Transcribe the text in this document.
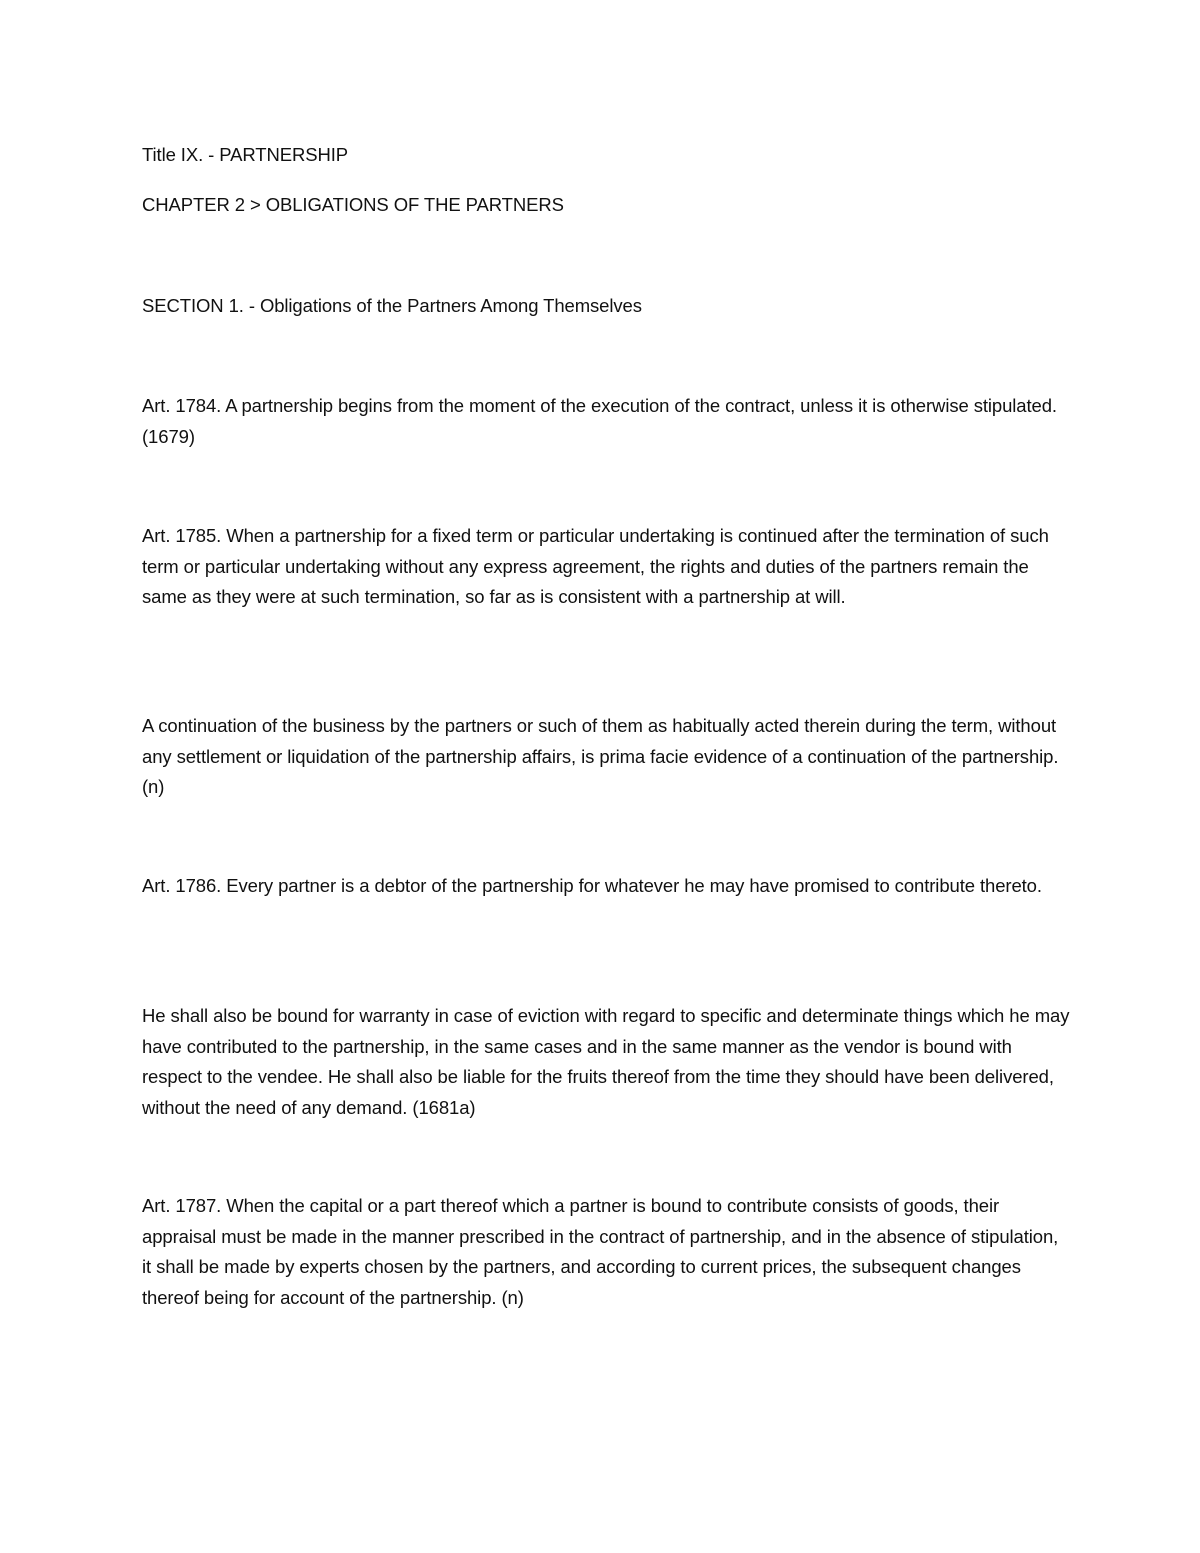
Title IX. - PARTNERSHIP

CHAPTER 2 > OBLIGATIONS OF THE PARTNERS

SECTION 1. - Obligations of the Partners Among Themselves

Art. 1784. A partnership begins from the moment of the execution of the contract, unless it is otherwise stipulated. (1679)

Art. 1785. When a partnership for a fixed term or particular undertaking is continued after the termination of such term or particular undertaking without any express agreement, the rights and duties of the partners remain the same as they were at such termination, so far as is consistent with a partnership at will.

A continuation of the business by the partners or such of them as habitually acted therein during the term, without any settlement or liquidation of the partnership affairs, is prima facie evidence of a continuation of the partnership. (n)

Art. 1786. Every partner is a debtor of the partnership for whatever he may have promised to contribute thereto.

He shall also be bound for warranty in case of eviction with regard to specific and determinate things which he may have contributed to the partnership, in the same cases and in the same manner as the vendor is bound with respect to the vendee. He shall also be liable for the fruits thereof from the time they should have been delivered, without the need of any demand. (1681a)

Art. 1787. When the capital or a part thereof which a partner is bound to contribute consists of goods, their appraisal must be made in the manner prescribed in the contract of partnership, and in the absence of stipulation, it shall be made by experts chosen by the partners, and according to current prices, the subsequent changes thereof being for account of the partnership. (n)
